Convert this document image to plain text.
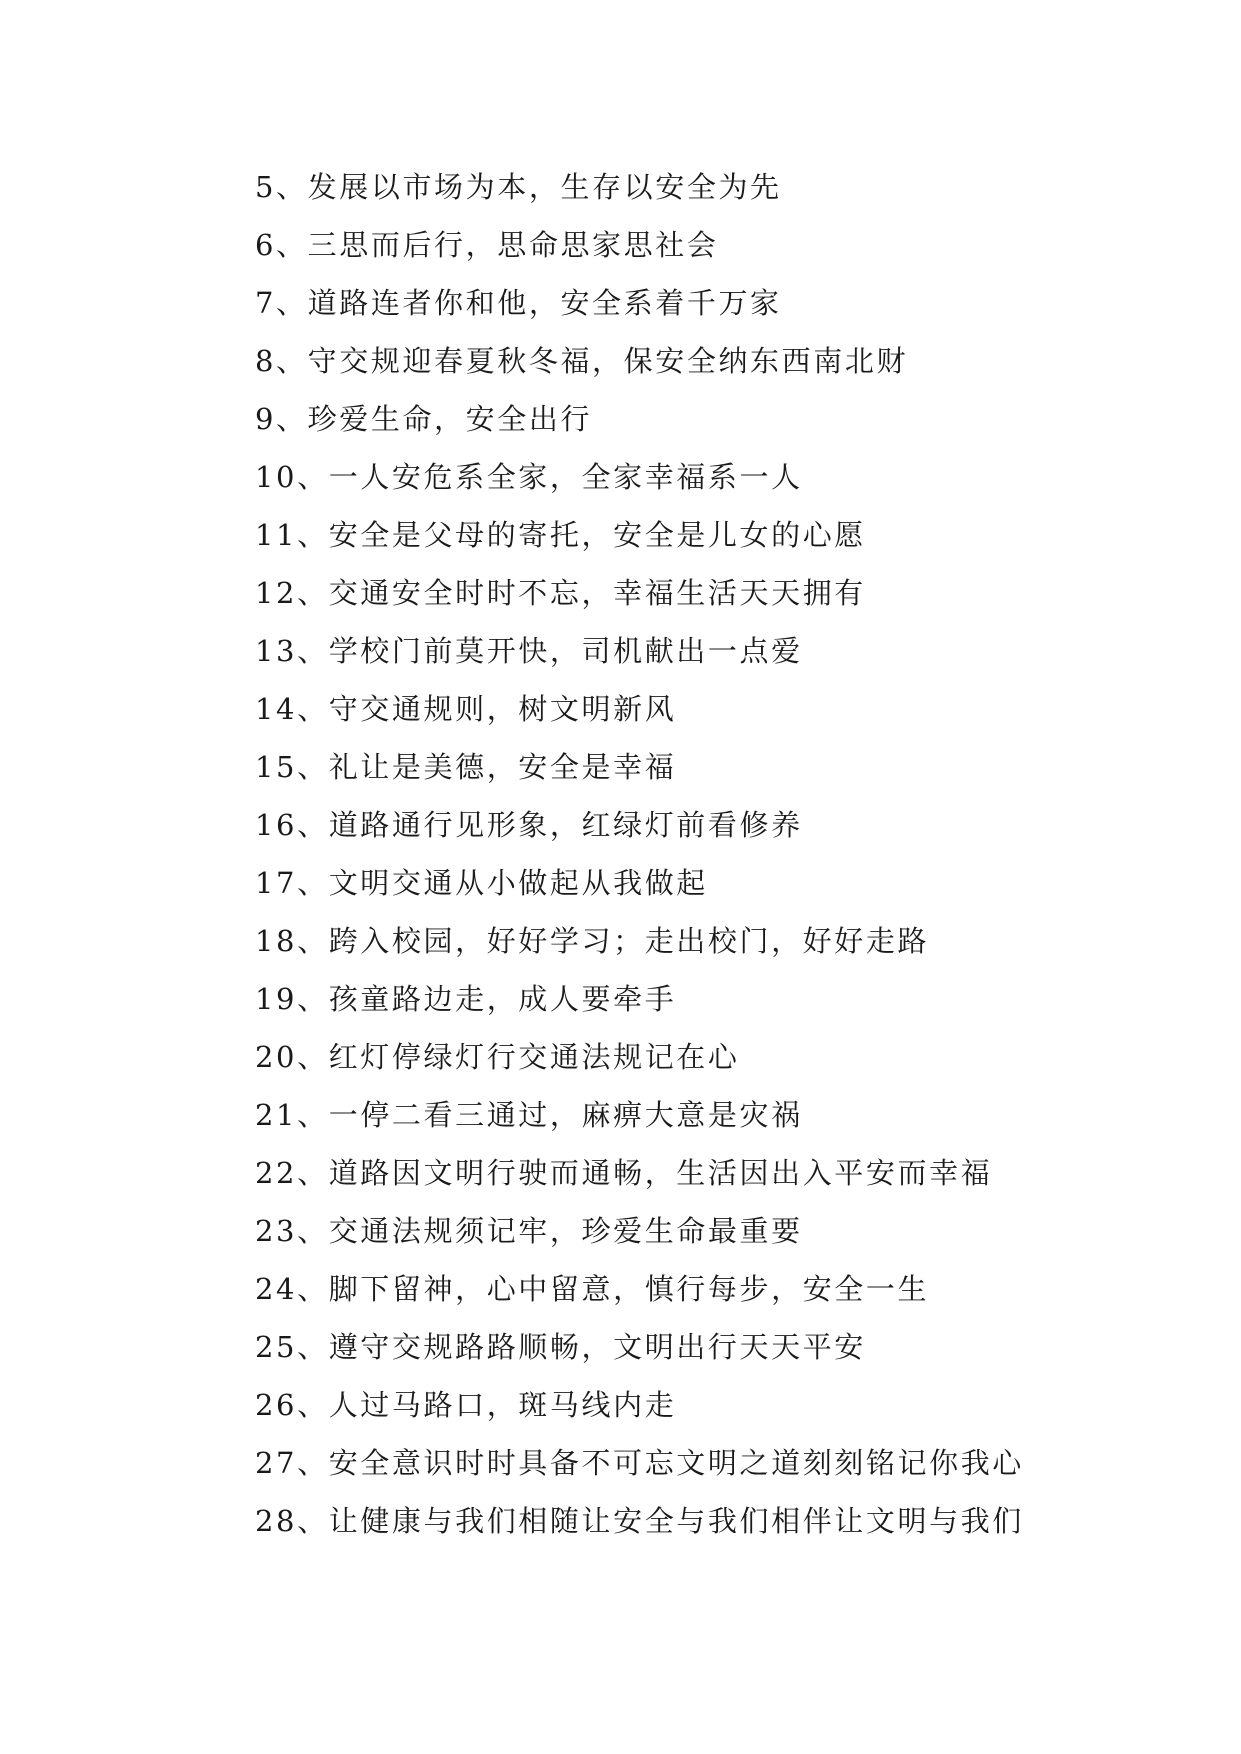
5、发展以市场为本，生存以安全为先
6、三思而后行，思命思家思社会
7、道路连者你和他，安全系着千万家
8、守交规迎春夏秋冬福，保安全纳东西南北财
9、珍爱生命，安全出行
10、一人安危系全家，全家幸福系一人
11、安全是父母的寄托，安全是儿女的心愿
12、交通安全时时不忘，幸福生活天天拥有
13、学校门前莫开快，司机献出一点爱
14、守交通规则，树文明新风
15、礼让是美德，安全是幸福
16、道路通行见形象，红绿灯前看修养
17、文明交通从小做起从我做起
18、跨入校园，好好学习；走出校门，好好走路
19、孩童路边走，成人要牵手
20、红灯停绿灯行交通法规记在心
21、一停二看三通过，麻痹大意是灾祸
22、道路因文明行驶而通畅，生活因出入平安而幸福
23、交通法规须记牢，珍爱生命最重要
24、脚下留神，心中留意，慎行每步，安全一生
25、遵守交规路路顺畅，文明出行天天平安
26、人过马路口，斑马线内走
27、安全意识时时具备不可忘文明之道刻刻铭记你我心
28、让健康与我们相随让安全与我们相伴让文明与我们
